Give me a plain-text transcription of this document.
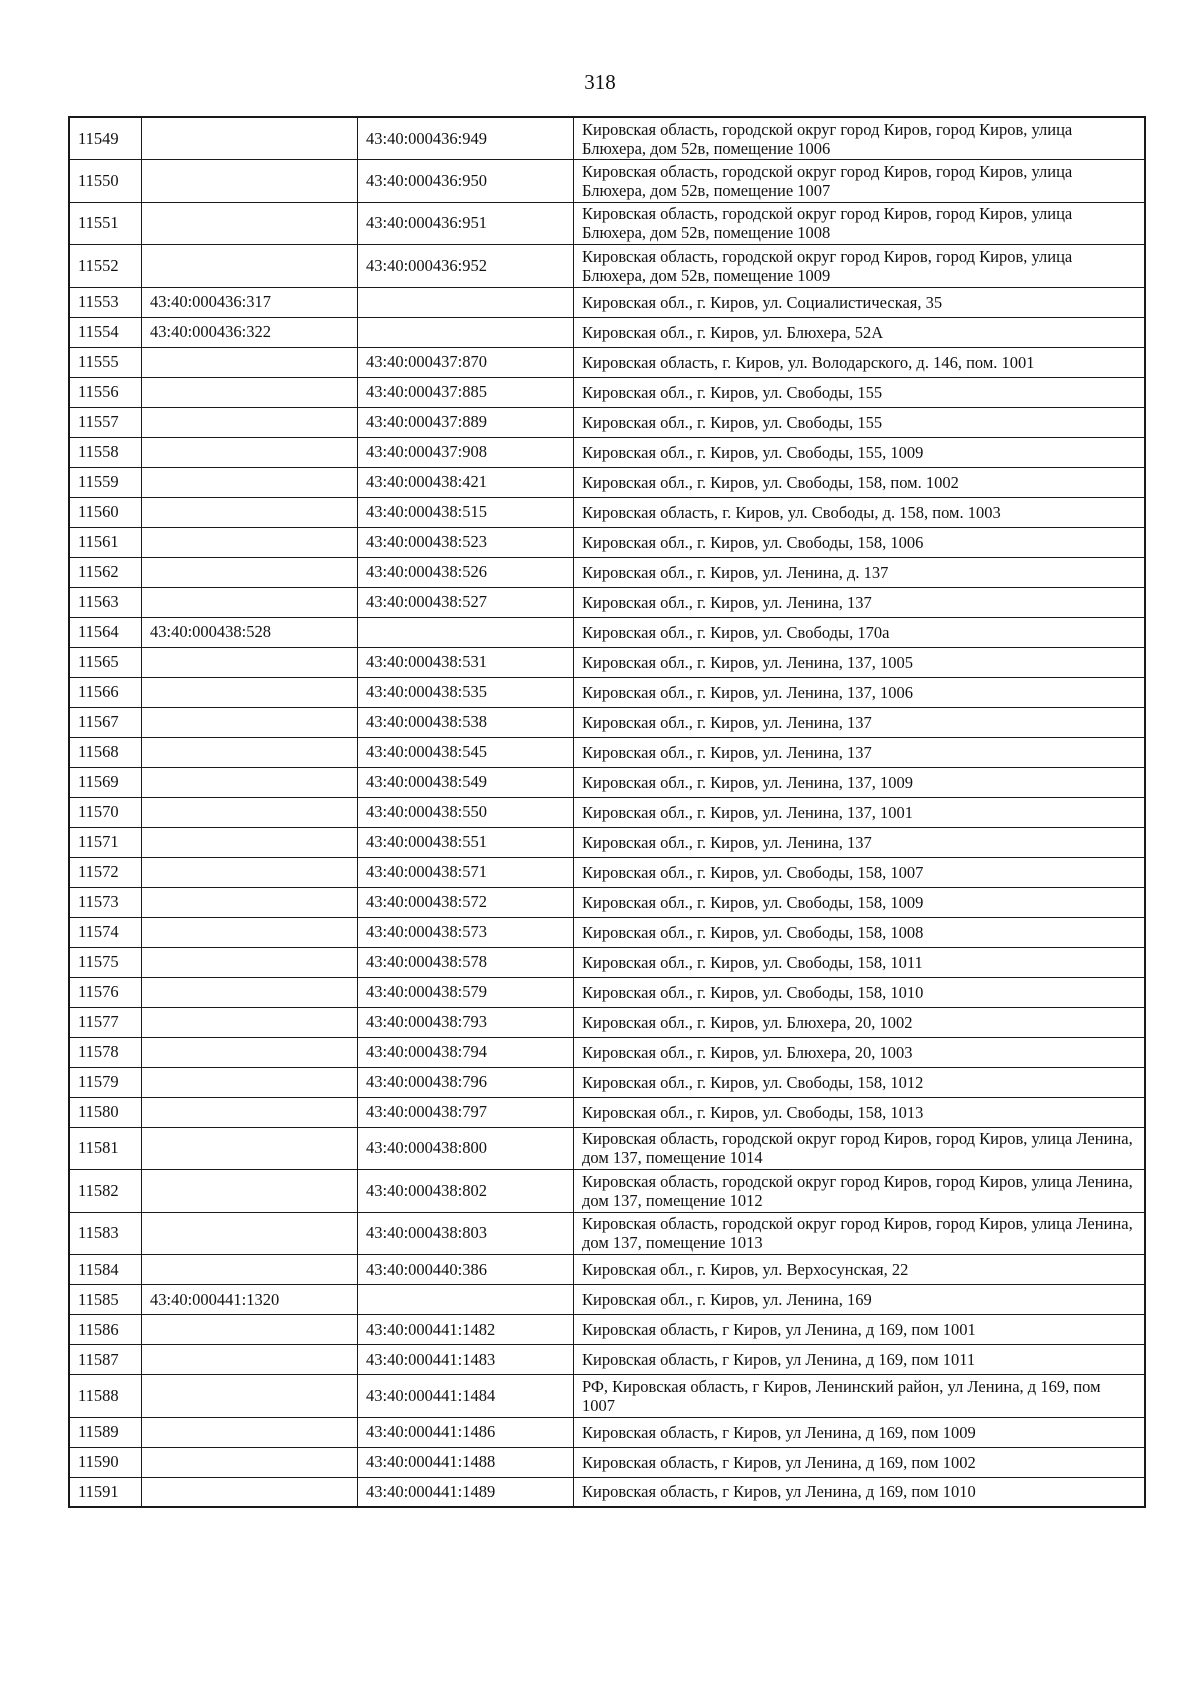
318
11549		43:40:000436:949	Кировская область, городской округ город Киров, город Киров, улица Блюхера, дом 52в, помещение 1006
11550		43:40:000436:950	Кировская область, городской округ город Киров, город Киров, улица Блюхера, дом 52в, помещение 1007
11551		43:40:000436:951	Кировская область, городской округ город Киров, город Киров, улица Блюхера, дом 52в, помещение 1008
11552		43:40:000436:952	Кировская область, городской округ город Киров, город Киров, улица Блюхера, дом 52в, помещение 1009
11553	43:40:000436:317		Кировская обл., г. Киров, ул. Социалистическая, 35
11554	43:40:000436:322		Кировская обл., г. Киров, ул. Блюхера, 52А
11555		43:40:000437:870	Кировская область, г. Киров, ул. Володарского, д. 146, пом. 1001
11556		43:40:000437:885	Кировская обл., г. Киров, ул. Свободы, 155
11557		43:40:000437:889	Кировская обл., г. Киров, ул. Свободы, 155
11558		43:40:000437:908	Кировская обл., г. Киров, ул. Свободы, 155, 1009
11559		43:40:000438:421	Кировская обл., г. Киров, ул. Свободы, 158, пом. 1002
11560		43:40:000438:515	Кировская область, г. Киров, ул. Свободы, д. 158, пом. 1003
11561		43:40:000438:523	Кировская обл., г. Киров, ул. Свободы, 158, 1006
11562		43:40:000438:526	Кировская обл., г. Киров, ул. Ленина, д. 137
11563		43:40:000438:527	Кировская обл., г. Киров, ул. Ленина, 137
11564	43:40:000438:528		Кировская обл., г. Киров, ул. Свободы, 170а
11565		43:40:000438:531	Кировская обл., г. Киров, ул. Ленина, 137, 1005
11566		43:40:000438:535	Кировская обл., г. Киров, ул. Ленина, 137, 1006
11567		43:40:000438:538	Кировская обл., г. Киров, ул. Ленина, 137
11568		43:40:000438:545	Кировская обл., г. Киров, ул. Ленина, 137
11569		43:40:000438:549	Кировская обл., г. Киров, ул. Ленина, 137, 1009
11570		43:40:000438:550	Кировская обл., г. Киров, ул. Ленина, 137, 1001
11571		43:40:000438:551	Кировская обл., г. Киров, ул. Ленина, 137
11572		43:40:000438:571	Кировская обл., г. Киров, ул. Свободы, 158, 1007
11573		43:40:000438:572	Кировская обл., г. Киров, ул. Свободы, 158, 1009
11574		43:40:000438:573	Кировская обл., г. Киров, ул. Свободы, 158, 1008
11575		43:40:000438:578	Кировская обл., г. Киров, ул. Свободы, 158, 1011
11576		43:40:000438:579	Кировская обл., г. Киров, ул. Свободы, 158, 1010
11577		43:40:000438:793	Кировская обл., г. Киров, ул. Блюхера, 20, 1002
11578		43:40:000438:794	Кировская обл., г. Киров, ул. Блюхера, 20, 1003
11579		43:40:000438:796	Кировская обл., г. Киров, ул. Свободы, 158, 1012
11580		43:40:000438:797	Кировская обл., г. Киров, ул. Свободы, 158, 1013
11581		43:40:000438:800	Кировская область, городской округ город Киров, город Киров, улица Ленина, дом 137, помещение 1014
11582		43:40:000438:802	Кировская область, городской округ город Киров, город Киров, улица Ленина, дом 137, помещение 1012
11583		43:40:000438:803	Кировская область, городской округ город Киров, город Киров, улица Ленина, дом 137, помещение 1013
11584		43:40:000440:386	Кировская обл., г. Киров, ул. Верхосунская, 22
11585	43:40:000441:1320		Кировская обл., г. Киров, ул. Ленина, 169
11586		43:40:000441:1482	Кировская область, г Киров, ул Ленина, д 169, пом 1001
11587		43:40:000441:1483	Кировская область, г Киров, ул Ленина, д 169, пом 1011
11588		43:40:000441:1484	РФ, Кировская область, г Киров, Ленинский район, ул Ленина, д 169, пом 1007
11589		43:40:000441:1486	Кировская область, г Киров, ул Ленина, д 169, пом 1009
11590		43:40:000441:1488	Кировская область, г Киров, ул Ленина, д 169, пом 1002
11591		43:40:000441:1489	Кировская область, г Киров, ул Ленина, д 169, пом 1010
